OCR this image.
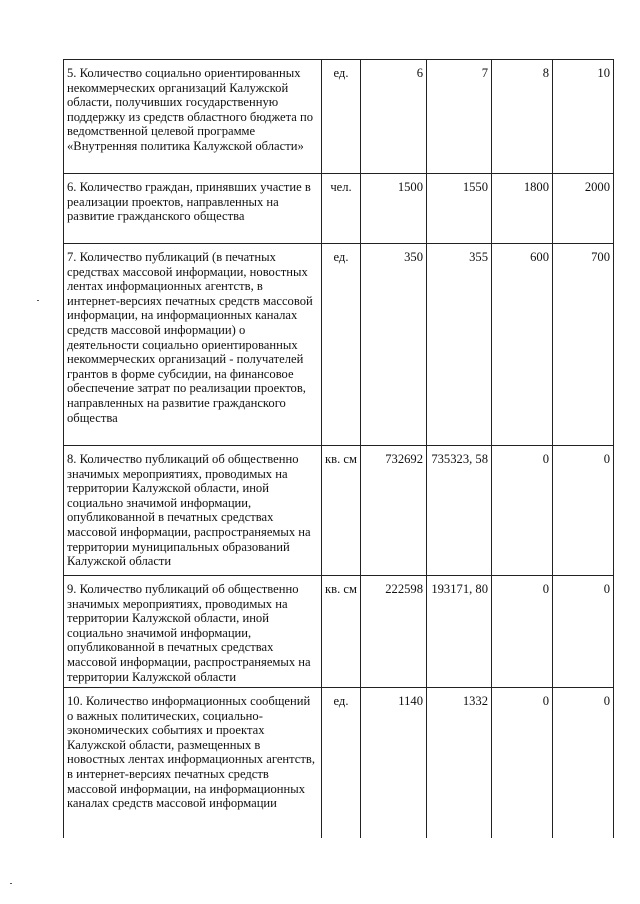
5. Количество социально ориентированных некоммерческих организаций Калужской области, получивших государственную поддержку из средств областного бюджета по ведомственной целевой программе «Внутренняя политика Калужской области»	ед.	6	7	8	10
6. Количество граждан, принявших участие в реализации проектов, направленных на развитие гражданского общества	чел.	1500	1550	1800	2000
7. Количество публикаций (в печатных средствах массовой информации, новостных лентах информационных агентств, в интернет-версиях печатных средств массовой информации, на информационных каналах средств массовой информации) о деятельности социально ориентированных некоммерческих организаций - получателей грантов в форме субсидии, на финансовое обеспечение затрат по реализации проектов, направленных на развитие гражданского общества	ед.	350	355	600	700
8. Количество публикаций об общественно значимых мероприятиях, проводимых на территории Калужской области, иной социально значимой информации, опубликованной в печатных средствах массовой информации, распространяемых на территории муниципальных образований Калужской области	кв. см	732692	735323, 58	0	0
9. Количество публикаций об общественно значимых мероприятиях, проводимых на территории Калужской области, иной социально значимой информации, опубликованной в печатных средствах массовой информации, распространяемых на территории Калужской области	кв. см	222598	193171, 80	0	0
10. Количество информационных сообщений о важных политических, социально-экономических событиях и проектах Калужской области, размещенных в новостных лентах информационных агентств, в интернет-версиях печатных средств массовой информации, на информационных каналах средств массовой информации	ед.	1140	1332	0	0
